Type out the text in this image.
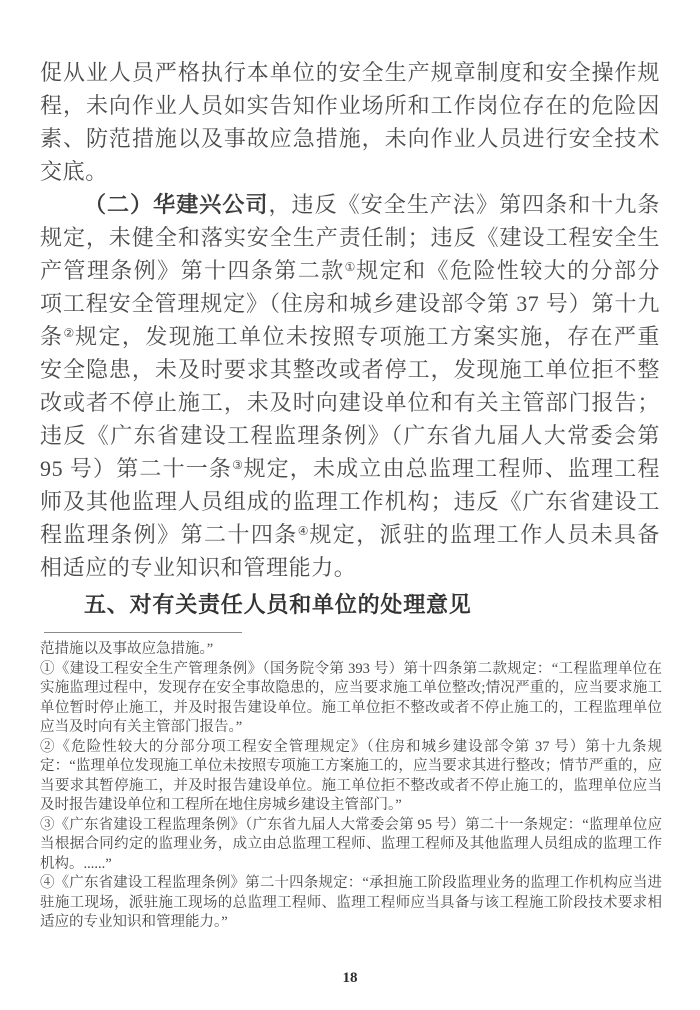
促从业人员严格执行本单位的安全生产规章制度和安全操作规程，未向作业人员如实告知作业场所和工作岗位存在的危险因素、防范措施以及事故应急措施，未向作业人员进行安全技术交底。

（二）华建兴公司，违反《安全生产法》第四条和十九条规定，未健全和落实安全生产责任制；违反《建设工程安全生产管理条例》第十四条第二款①规定和《危险性较大的分部分项工程安全管理规定》（住房和城乡建设部令第 37 号）第十九条②规定，发现施工单位未按照专项施工方案实施，存在严重安全隐患，未及时要求其整改或者停工，发现施工单位拒不整改或者不停止施工，未及时向建设单位和有关主管部门报告；违反《广东省建设工程监理条例》（广东省九届人大常委会第 95 号）第二十一条③规定，未成立由总监理工程师、监理工程师及其他监理人员组成的监理工作机构；违反《广东省建设工程监理条例》第二十四条④规定，派驻的监理工作人员未具备相适应的专业知识和管理能力。

五、对有关责任人员和单位的处理意见
范措施以及事故应急措施。”
①《建设工程安全生产管理条例》（国务院令第 393 号）第十四条第二款规定：“工程监理单位在实施监理过程中，发现存在安全事故隐患的，应当要求施工单位整改;情况严重的，应当要求施工单位暂时停止施工，并及时报告建设单位。施工单位拒不整改或者不停止施工的，工程监理单位应当及时向有关主管部门报告。”
②《危险性较大的分部分项工程安全管理规定》（住房和城乡建设部令第 37 号）第十九条规定：“监理单位发现施工单位未按照专项施工方案施工的，应当要求其进行整改；情节严重的，应当要求其暂停施工，并及时报告建设单位。施工单位拒不整改或者不停止施工的，监理单位应当及时报告建设单位和工程所在地住房城乡建设主管部门。”
③《广东省建设工程监理条例》（广东省九届人大常委会第 95 号）第二十一条规定：“监理单位应当根据合同约定的监理业务，成立由总监理工程师、监理工程师及其他监理人员组成的监理工作机构。......”
④《广东省建设工程监理条例》第二十四条规定：“承担施工阶段监理业务的监理工作机构应当进驻施工现场，派驻施工现场的总监理工程师、监理工程师应当具备与该工程施工阶段技术要求相适应的专业知识和管理能力。”
18
